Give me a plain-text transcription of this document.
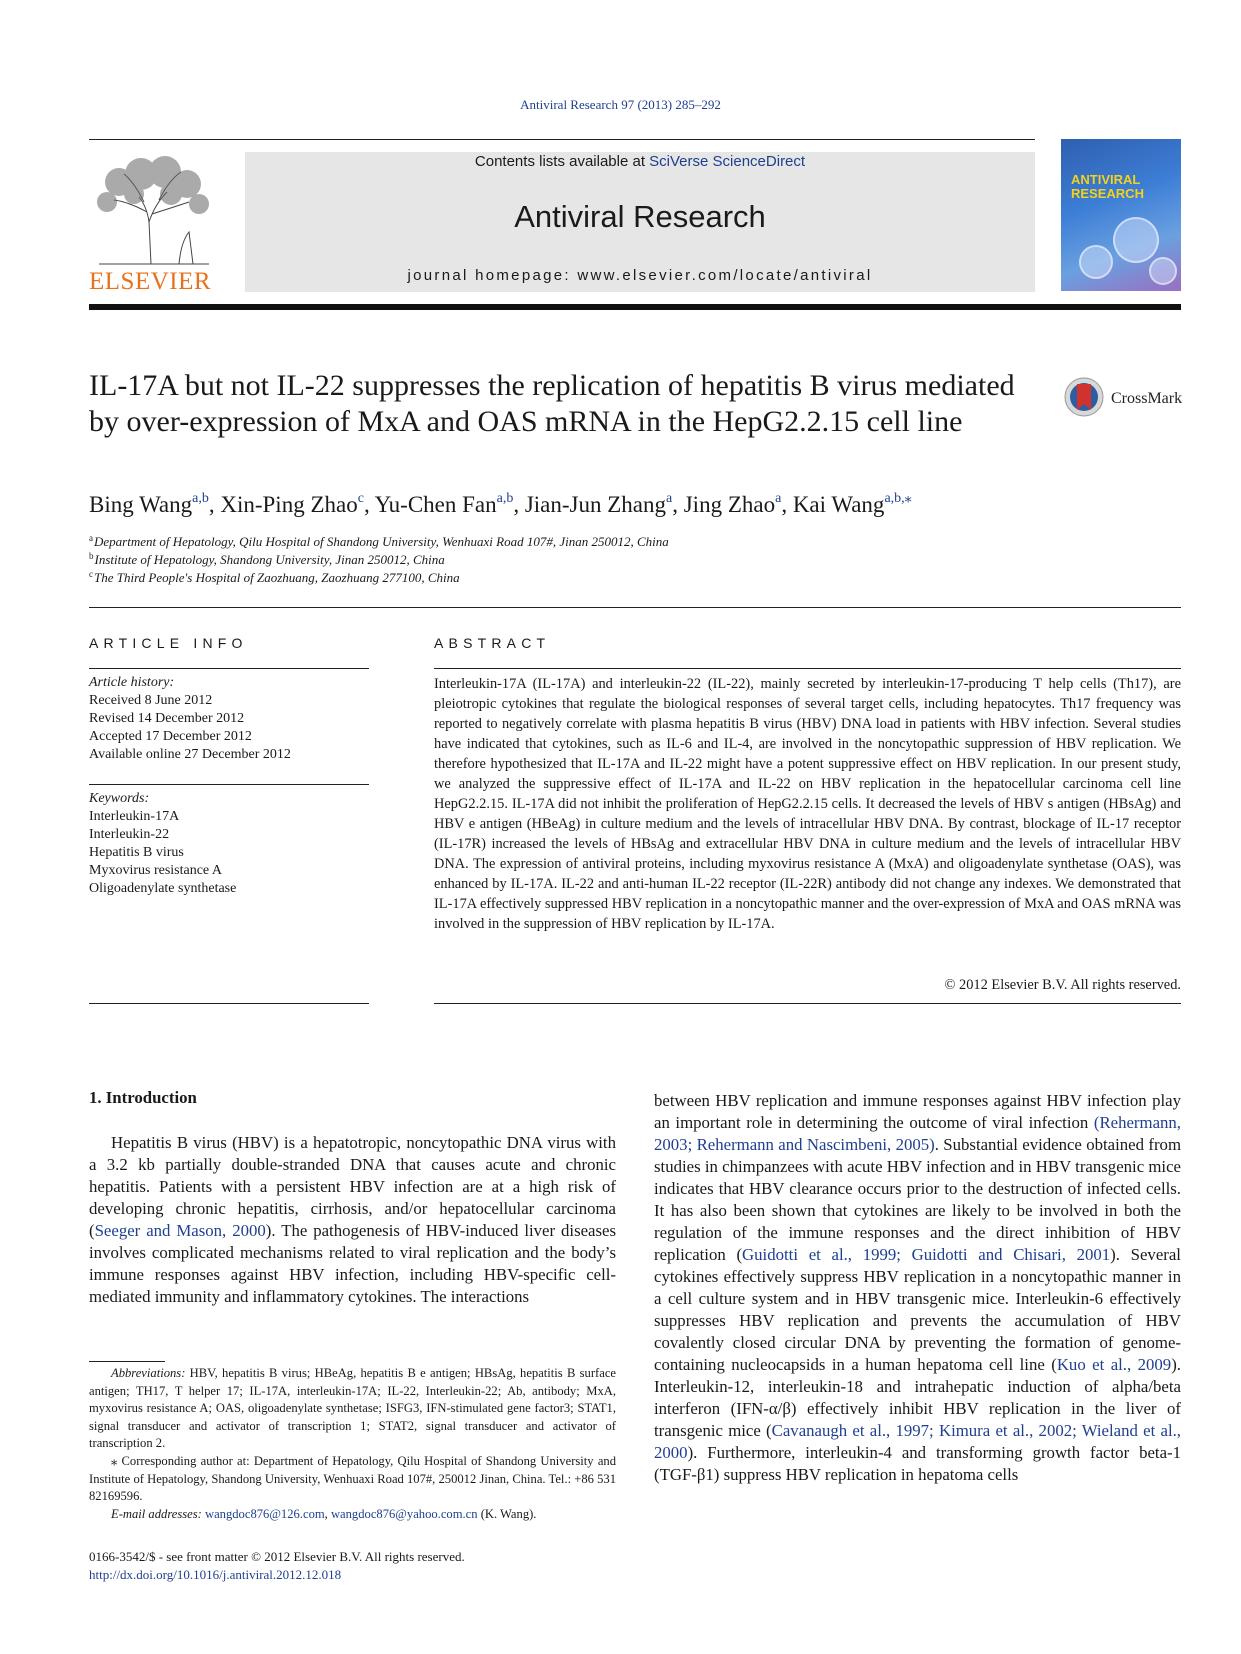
Antiviral Research 97 (2013) 285–292
ELSEVIER
Contents lists available at SciVerse ScienceDirect
Antiviral Research
journal homepage: www.elsevier.com/locate/antiviral
ANTIVIRAL
RESEARCH
IL-17A but not IL-22 suppresses the replication of hepatitis B virus mediated by over-expression of MxA and OAS mRNA in the HepG2.2.15 cell line
CrossMark
Bing Wang$^{a,b}$, Xin-Ping Zhao$^c$, Yu-Chen Fan$^{a,b}$, Jian-Jun Zhang$^a$, Jing Zhao$^a$, Kai Wang$^{a,b,⁎}$
$^a$Department of Hepatology, Qilu Hospital of Shandong University, Wenhuaxi Road 107#, Jinan 250012, China
$^b$Institute of Hepatology, Shandong University, Jinan 250012, China
$^c$The Third People's Hospital of Zaozhuang, Zaozhuang 277100, China
ARTICLE INFO
Article history:
Received 8 June 2012
Revised 14 December 2012
Accepted 17 December 2012
Available online 27 December 2012
Keywords:
Interleukin-17A
Interleukin-22
Hepatitis B virus
Myxovirus resistance A
Oligoadenylate synthetase
ABSTRACT
Interleukin-17A (IL-17A) and interleukin-22 (IL-22), mainly secreted by interleukin-17-producing T help cells (Th17), are pleiotropic cytokines that regulate the biological responses of several target cells, including hepatocytes. Th17 frequency was reported to negatively correlate with plasma hepatitis B virus (HBV) DNA load in patients with HBV infection. Several studies have indicated that cytokines, such as IL-6 and IL-4, are involved in the noncytopathic suppression of HBV replication. We therefore hypothesized that IL-17A and IL-22 might have a potent suppressive effect on HBV replication. In our present study, we analyzed the suppressive effect of IL-17A and IL-22 on HBV replication in the hepatocellular carcinoma cell line HepG2.2.15. IL-17A did not inhibit the proliferation of HepG2.2.15 cells. It decreased the levels of HBV s antigen (HBsAg) and HBV e antigen (HBeAg) in culture medium and the levels of intracellular HBV DNA. By contrast, blockage of IL-17 receptor (IL-17R) increased the levels of HBsAg and extracellular HBV DNA in culture medium and the levels of intracellular HBV DNA. The expression of antiviral proteins, including myxovirus resistance A (MxA) and oligoadenylate synthetase (OAS), was enhanced by IL-17A. IL-22 and anti-human IL-22 receptor (IL-22R) antibody did not change any indexes. We demonstrated that IL-17A effectively suppressed HBV replication in a noncytopathic manner and the over-expression of MxA and OAS mRNA was involved in the suppression of HBV replication by IL-17A.
© 2012 Elsevier B.V. All rights reserved.
1. Introduction

Hepatitis B virus (HBV) is a hepatotropic, noncytopathic DNA virus with a 3.2 kb partially double-stranded DNA that causes acute and chronic hepatitis. Patients with a persistent HBV infection are at a high risk of developing chronic hepatitis, cirrhosis, and/or hepatocellular carcinoma (Seeger and Mason, 2000). The pathogenesis of HBV-induced liver diseases involves complicated mechanisms related to viral replication and the body’s immune responses against HBV infection, including HBV-specific cell-mediated immunity and inflammatory cytokines. The interactions

between HBV replication and immune responses against HBV infection play an important role in determining the outcome of viral infection (Rehermann, 2003; Rehermann and Nascimbeni, 2005). Substantial evidence obtained from studies in chimpanzees with acute HBV infection and in HBV transgenic mice indicates that HBV clearance occurs prior to the destruction of infected cells. It has also been shown that cytokines are likely to be involved in both the regulation of the immune responses and the direct inhibition of HBV replication (Guidotti et al., 1999; Guidotti and Chisari, 2001). Several cytokines effectively suppress HBV replication in a noncytopathic manner in a cell culture system and in HBV transgenic mice. Interleukin-6 effectively suppresses HBV replication and prevents the accumulation of HBV covalently closed circular DNA by preventing the formation of genome-containing nucleocapsids in a human hepatoma cell line (Kuo et al., 2009). Interleukin-12, interleukin-18 and intrahepatic induction of alpha/beta interferon (IFN-α/β) effectively inhibit HBV replication in the liver of transgenic mice (Cavanaugh et al., 1997; Kimura et al., 2002; Wieland et al., 2000). Furthermore, interleukin-4 and transforming growth factor beta-1 (TGF-β1) suppress HBV replication in hepatoma cells

Abbreviations: HBV, hepatitis B virus; HBeAg, hepatitis B e antigen; HBsAg, hepatitis B surface antigen; TH17, T helper 17; IL-17A, interleukin-17A; IL-22, Interleukin-22; Ab, antibody; MxA, myxovirus resistance A; OAS, oligoadenylate synthetase; ISFG3, IFN-stimulated gene factor3; STAT1, signal transducer and activator of transcription 1; STAT2, signal transducer and activator of transcription 2.

⁎ Corresponding author at: Department of Hepatology, Qilu Hospital of Shandong University and Institute of Hepatology, Shandong University, Wenhuaxi Road 107#, 250012 Jinan, China. Tel.: +86 531 82169596.

E-mail addresses: wangdoc876@126.com, wangdoc876@yahoo.com.cn (K. Wang).

0166-3542/$ - see front matter © 2012 Elsevier B.V. All rights reserved.
http://dx.doi.org/10.1016/j.antiviral.2012.12.018
